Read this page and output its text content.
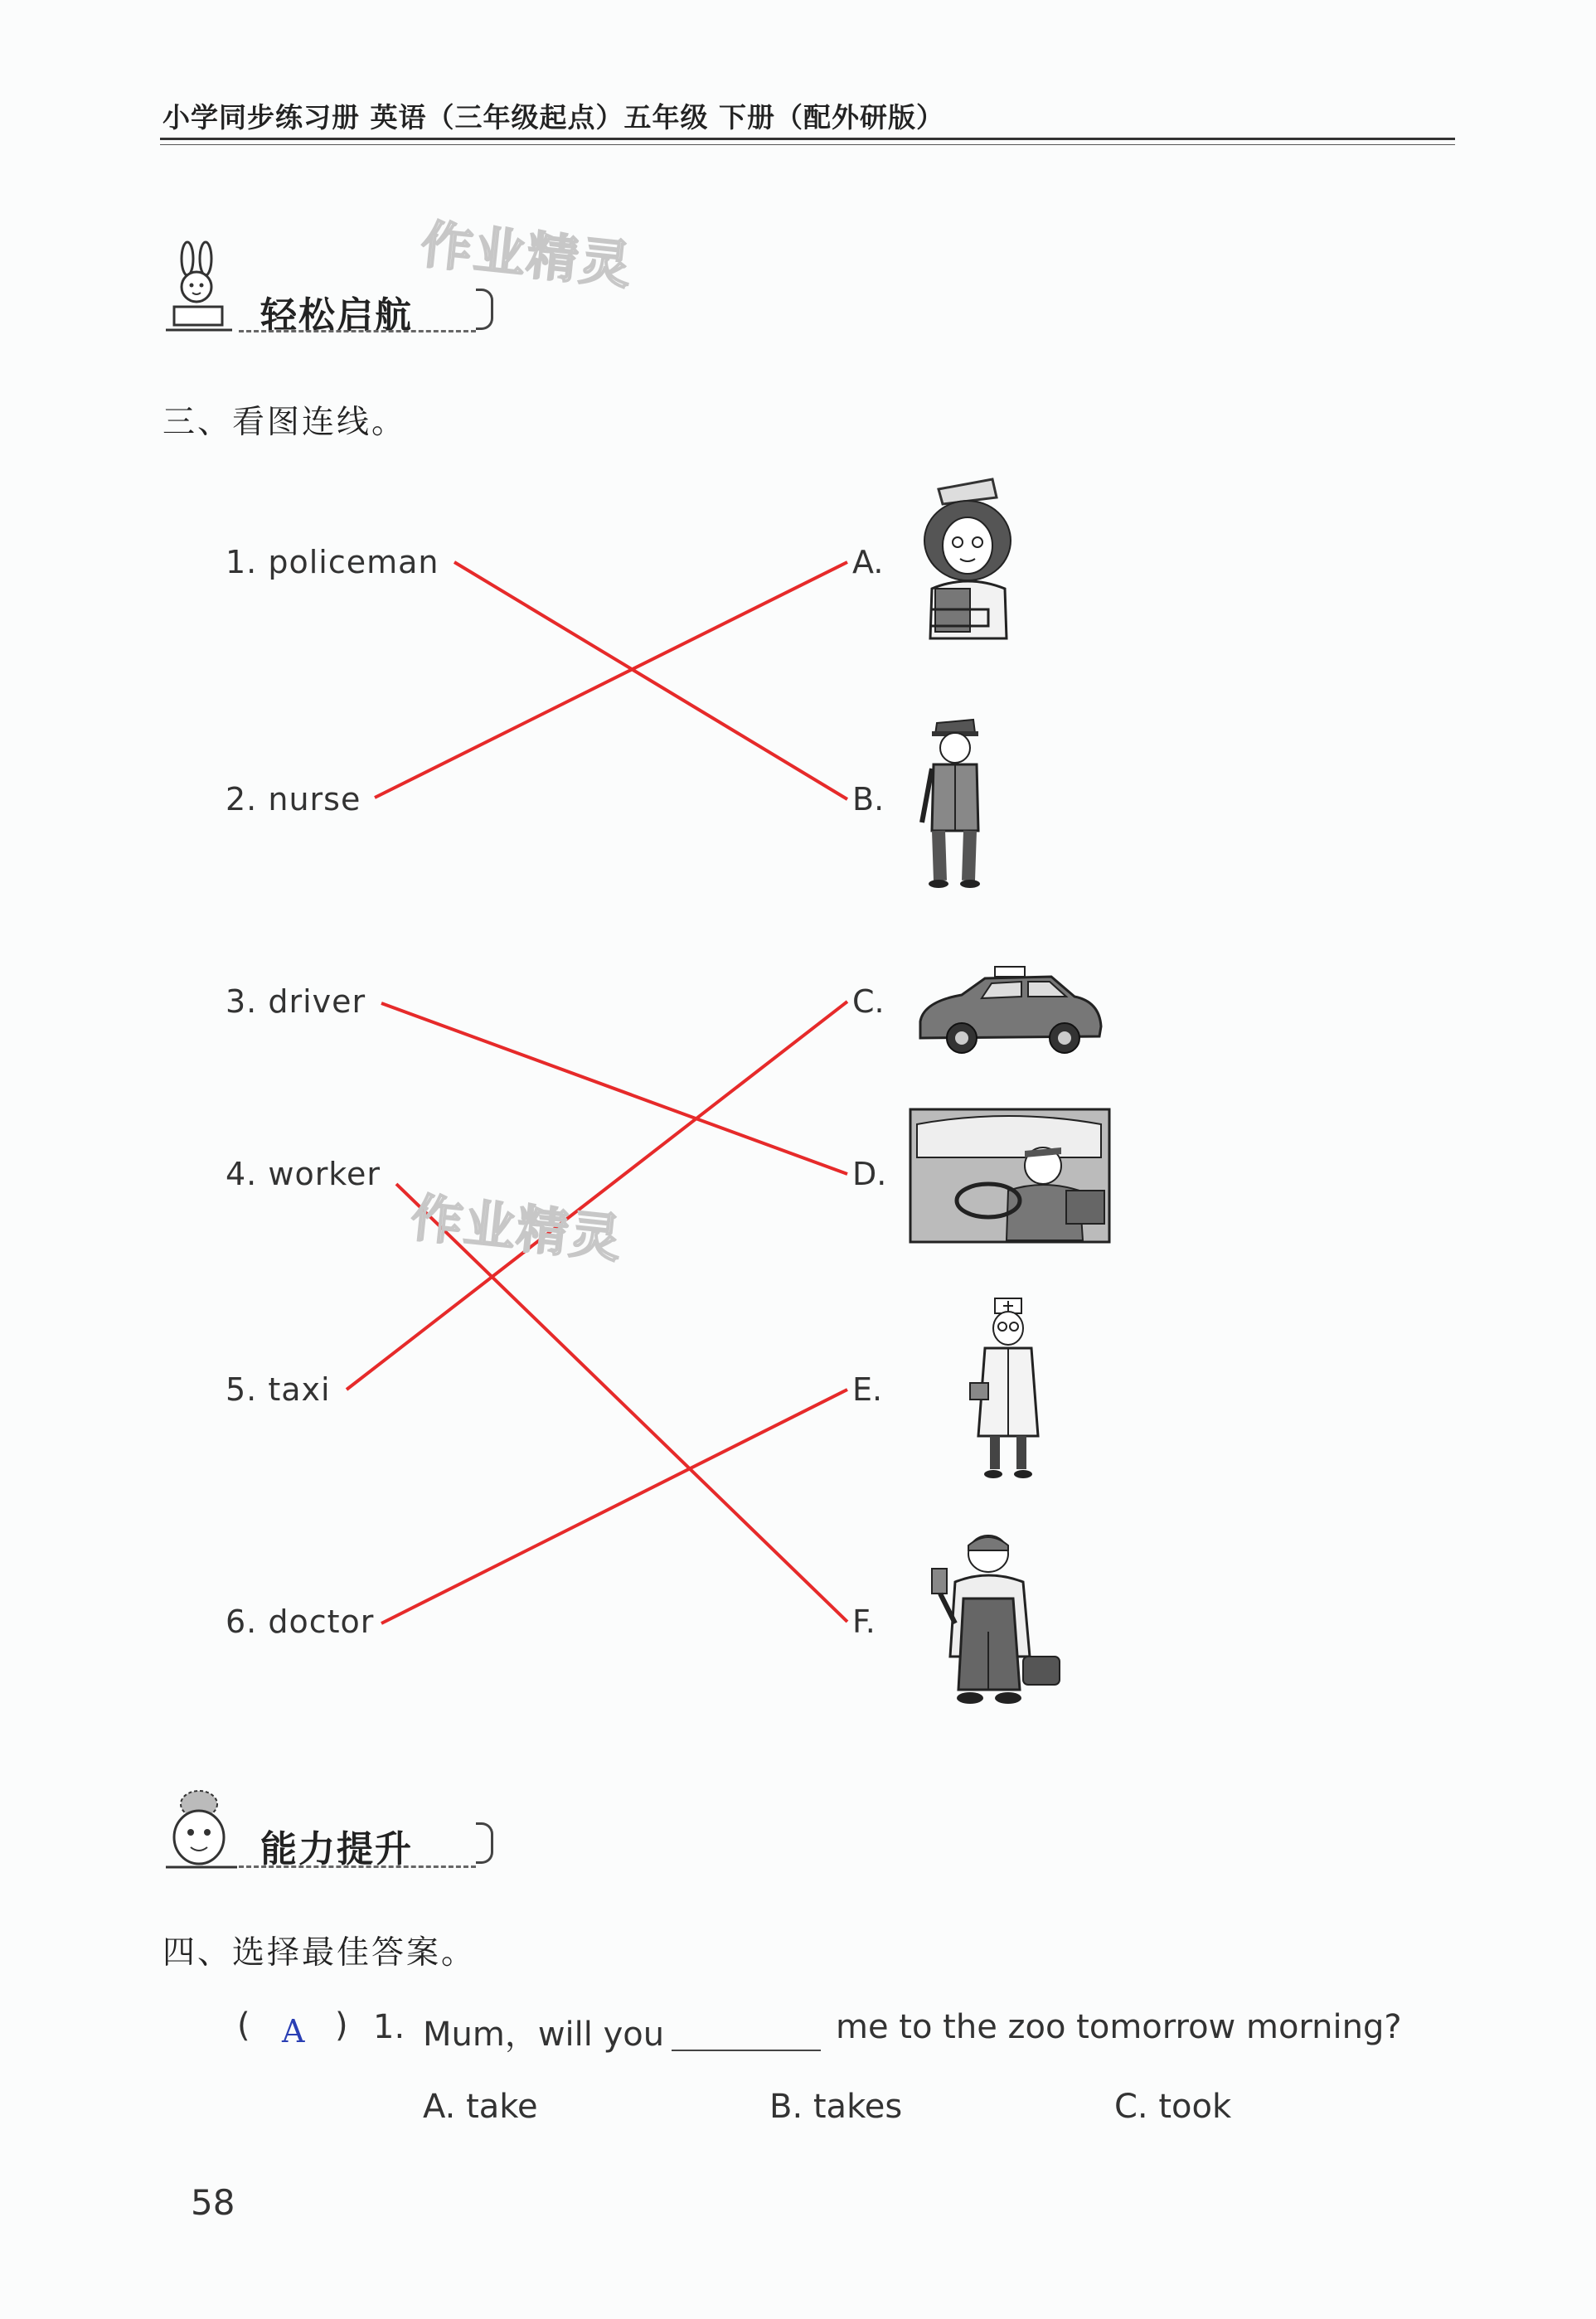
小学同步练习册 英语（三年级起点）五年级 下册（配外研版）
作业精灵
轻松启航
三、看图连线。
1. policeman
2. nurse
3. driver
4. worker
5. taxi
6. doctor
A.
B.
C.
D.
E.
F.
作业精灵
能力提升
四、选择最佳答案。
( A ) 1. Mum，will you	me to the zoo tomorrow morning?
A. take	B. takes	C. took
58
